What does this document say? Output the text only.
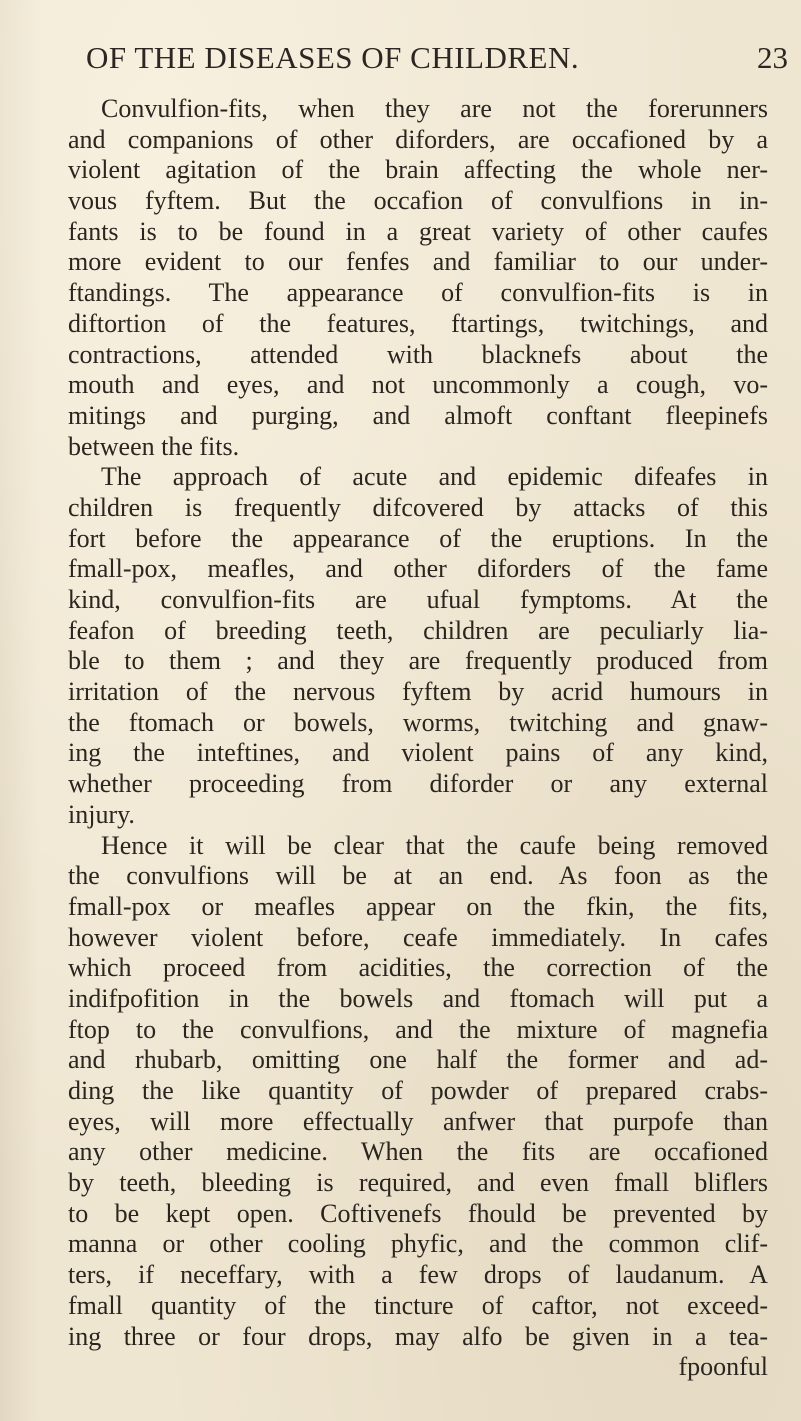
OF THE DISEASES OF CHILDREN.	23
Convulfion-fits, when they are not the forerunners
and companions of other diforders, are occafioned by a
violent agitation of the brain affecting the whole ner-
vous fyftem. But the occafion of convulfions in in-
fants is to be found in a great variety of other caufes
more evident to our fenfes and familiar to our under-
ftandings. The appearance of convulfion-fits is in
diftortion of the features, ftartings, twitchings, and
contractions, attended with blacknefs about the
mouth and eyes, and not uncommonly a cough, vo-
mitings and purging, and almoft conftant fleepinefs
between the fits.
The approach of acute and epidemic difeafes in
children is frequently difcovered by attacks of this
fort before the appearance of the eruptions. In the
fmall-pox, meafles, and other diforders of the fame
kind, convulfion-fits are ufual fymptoms. At the
feafon of breeding teeth, children are peculiarly lia-
ble to them ; and they are frequently produced from
irritation of the nervous fyftem by acrid humours in
the ftomach or bowels, worms, twitching and gnaw-
ing the inteftines, and violent pains of any kind,
whether proceeding from diforder or any external
injury.
Hence it will be clear that the caufe being removed
the convulfions will be at an end. As foon as the
fmall-pox or meafles appear on the fkin, the fits,
however violent before, ceafe immediately. In cafes
which proceed from acidities, the correction of the
indifpofition in the bowels and ftomach will put a
ftop to the convulfions, and the mixture of magnefia
and rhubarb, omitting one half the former and ad-
ding the like quantity of powder of prepared crabs-
eyes, will more effectually anfwer that purpofe than
any other medicine. When the fits are occafioned
by teeth, bleeding is required, and even fmall bliflers
to be kept open. Coftivenefs fhould be prevented by
manna or other cooling phyfic, and the common clif-
ters, if neceffary, with a few drops of laudanum. A
fmall quantity of the tincture of caftor, not exceed-
ing three or four drops, may alfo be given in a tea-
fpoonful
